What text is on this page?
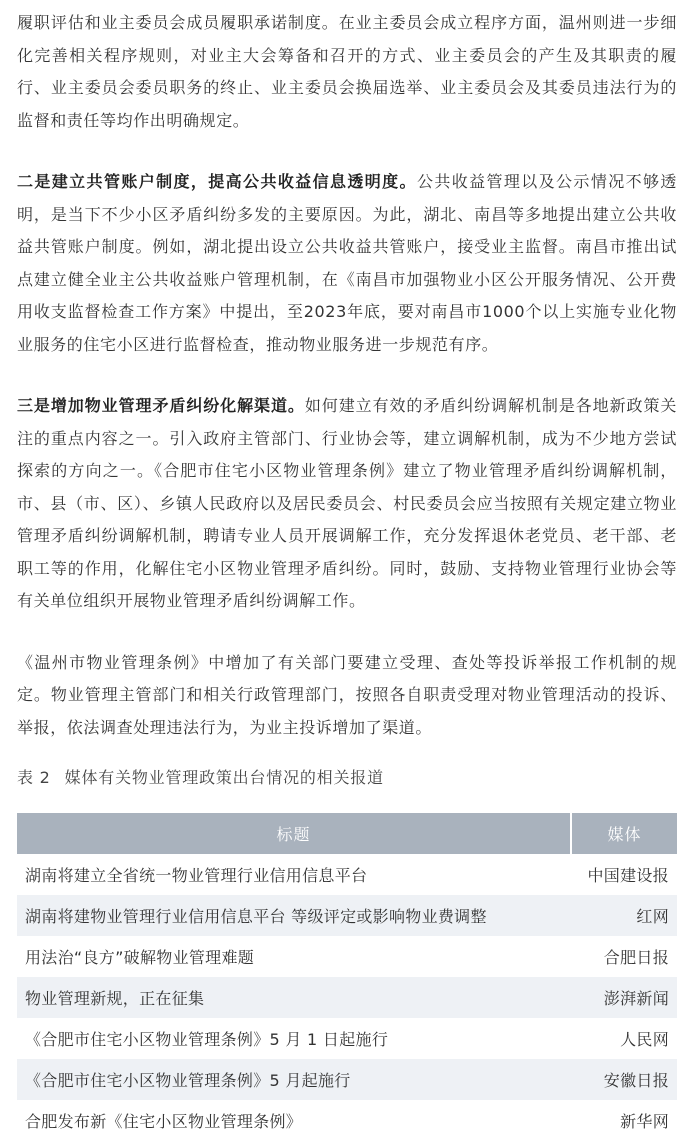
履职评估和业主委员会成员履职承诺制度。在业主委员会成立程序方面，温州则进一步细化完善相关程序规则，对业主大会筹备和召开的方式、业主委员会的产生及其职责的履行、业主委员会委员职务的终止、业主委员会换届选举、业主委员会及其委员违法行为的监督和责任等均作出明确规定。

二是建立共管账户制度，提高公共收益信息透明度。公共收益管理以及公示情况不够透明，是当下不少小区矛盾纠纷多发的主要原因。为此，湖北、南昌等多地提出建立公共收益共管账户制度。例如，湖北提出设立公共收益共管账户，接受业主监督。南昌市推出试点建立健全业主公共收益账户管理机制，在《南昌市加强物业小区公开服务情况、公开费用收支监督检查工作方案》中提出，至2023年底，要对南昌市1000个以上实施专业化物业服务的住宅小区进行监督检查，推动物业服务进一步规范有序。

三是增加物业管理矛盾纠纷化解渠道。如何建立有效的矛盾纠纷调解机制是各地新政策关注的重点内容之一。引入政府主管部门、行业协会等，建立调解机制，成为不少地方尝试探索的方向之一。《合肥市住宅小区物业管理条例》建立了物业管理矛盾纠纷调解机制，市、县（市、区）、乡镇人民政府以及居民委员会、村民委员会应当按照有关规定建立物业管理矛盾纠纷调解机制，聘请专业人员开展调解工作，充分发挥退休老党员、老干部、老职工等的作用，化解住宅小区物业管理矛盾纠纷。同时，鼓励、支持物业管理行业协会等有关单位组织开展物业管理矛盾纠纷调解工作。

《温州市物业管理条例》中增加了有关部门要建立受理、查处等投诉举报工作机制的规定。物业管理主管部门和相关行政管理部门，按照各自职责受理对物业管理活动的投诉、举报，依法调查处理违法行为，为业主投诉增加了渠道。

表 2 媒体有关物业管理政策出台情况的相关报道
标题	媒体
湖南将建立全省统一物业管理行业信用信息平台	中国建设报
湖南将建物业管理行业信用信息平台 等级评定或影响物业费调整	红网
用法治“良方”破解物业管理难题	合肥日报
物业管理新规，正在征集	澎湃新闻
《合肥市住宅小区物业管理条例》5 月 1 日起施行	人民网
《合肥市住宅小区物业管理条例》5 月起施行	安徽日报
合肥发布新《住宅小区物业管理条例》	新华网
